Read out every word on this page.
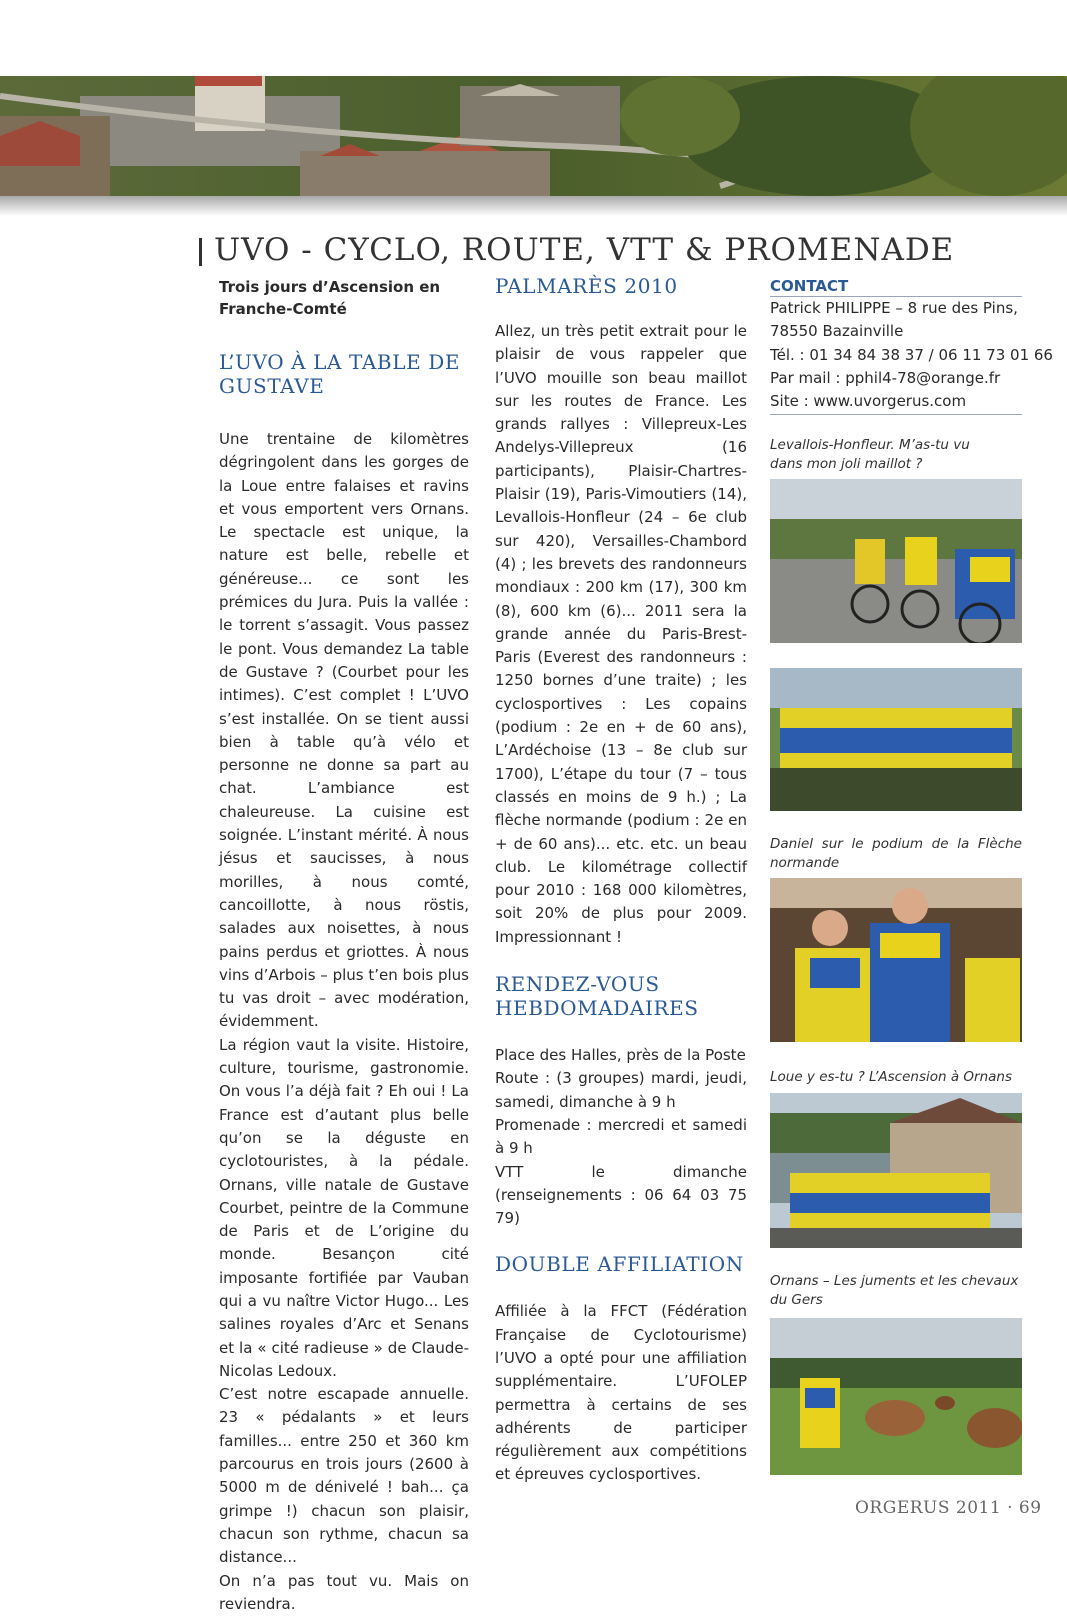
UVO - CYCLO, ROUTE, VTT & PROMENADE

Trois jours d’Ascension en Franche-Comté

L’UVO À LA TABLE DE GUSTAVE

Une trentaine de kilomètres dégringolent dans les gorges de la Loue entre falaises et ravins et vous emportent vers Ornans. Le spectacle est unique, la nature est belle, rebelle et généreuse... ce sont les prémices du Jura. Puis la vallée : le torrent s’assagit. Vous passez le pont. Vous demandez La table de Gustave ? (Courbet pour les intimes). C’est complet ! L’UVO s’est installée. On se tient aussi bien à table qu’à vélo et personne ne donne sa part au chat. L’ambiance est chaleureuse. La cuisine est soignée. L’instant mérité. À nous jésus et saucisses, à nous morilles, à nous comté, cancoillotte, à nous röstis, salades aux noisettes, à nous pains perdus et griottes. À nous vins d’Arbois – plus t’en bois plus tu vas droit – avec modération, évidemment.

La région vaut la visite. Histoire, culture, tourisme, gastronomie. On vous l’a déjà fait ? Eh oui ! La France est d’autant plus belle qu’on se la déguste en cyclotouristes, à la pédale. Ornans, ville natale de Gustave Courbet, peintre de la Commune de Paris et de L’origine du monde. Besançon cité imposante fortifiée par Vauban qui a vu naître Victor Hugo... Les salines royales d’Arc et Senans et la « cité radieuse » de Claude-Nicolas Ledoux.

C’est notre escapade annuelle. 23 « pédalants » et leurs familles... entre 250 et 360 km parcourus en trois jours (2600 à 5000 m de dénivelé ! bah... ça grimpe !) chacun son plaisir, chacun son rythme, chacun sa distance...

On n’a pas tout vu. Mais on reviendra.

PALMARÈS 2010

Allez, un très petit extrait pour le plaisir de vous rappeler que l’UVO mouille son beau maillot sur les routes de France. Les grands rallyes : Villepreux-Les Andelys-Villepreux (16 participants), Plaisir-Chartres-Plaisir (19), Paris-Vimoutiers (14), Levallois-Honfleur (24 – 6e club sur 420), Versailles-Chambord (4) ; les brevets des randonneurs mondiaux : 200 km (17), 300 km (8), 600 km (6)... 2011 sera la grande année du Paris-Brest-Paris (Everest des randonneurs : 1250 bornes d’une traite) ; les cyclosportives : Les copains (podium : 2e en + de 60 ans), L’Ardéchoise (13 – 8e club sur 1700), L’étape du tour (7 – tous classés en moins de 9 h.) ; La flèche normande (podium : 2e en + de 60 ans)... etc. etc. un beau club. Le kilométrage collectif pour 2010 : 168 000 kilomètres, soit 20% de plus pour 2009. Impressionnant !

RENDEZ-VOUS HEBDOMADAIRES

Place des Halles, près de la Poste

Route : (3 groupes) mardi, jeudi, samedi, dimanche à 9 h

Promenade : mercredi et samedi à 9 h

VTT le dimanche (renseignements : 06 64 03 75 79)

DOUBLE AFFILIATION

Affiliée à la FFCT (Fédération Française de Cyclotourisme) l’UVO a opté pour une affiliation supplémentaire. L’UFOLEP permettra à certains de ses adhérents de participer régulièrement aux compétitions et épreuves cyclosportives.

CONTACT
Patrick PHILIPPE – 8 rue des Pins,
78550 Bazainville
Tél. : 01 34 84 38 37 / 06 11 73 01 66
Par mail : pphil4-78@orange.fr
Site : www.uvorgerus.com

Levallois-Honfleur. M’as-tu vu dans mon joli maillot ?

Daniel sur le podium de la Flèche normande

Loue y es-tu ? L’Ascension à Ornans

Ornans – Les juments et les chevaux du Gers

ORGERUS 2011 · 69
